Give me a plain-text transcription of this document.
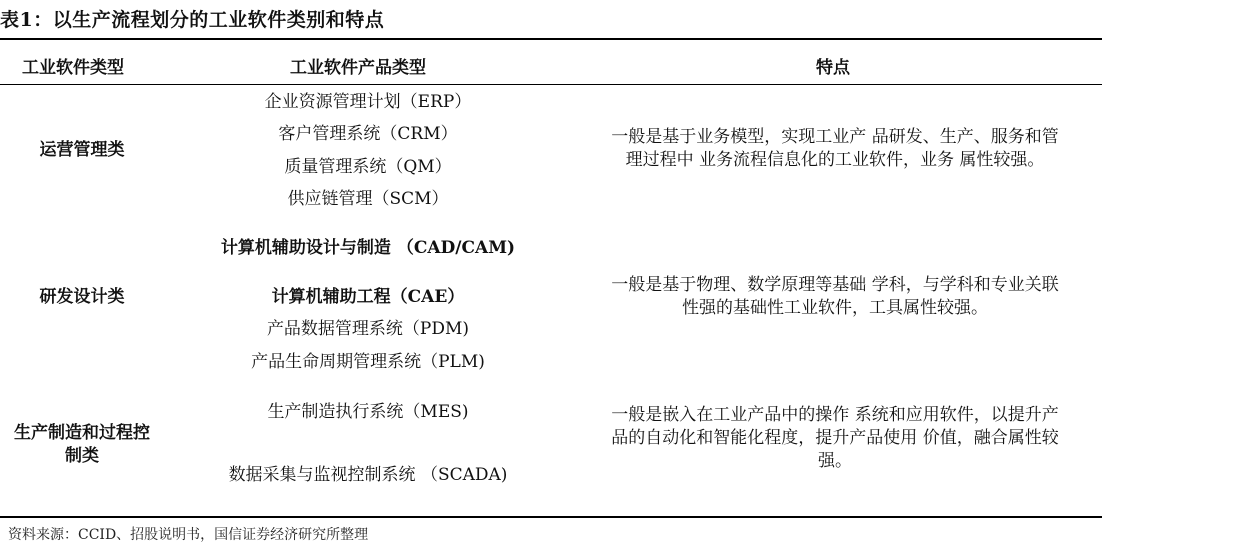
表1：以生产流程划分的工业软件类别和特点
工业软件类型	工业软件产品类型	特点
运营管理类
企业资源管理计划（ERP）
客户管理系统（CRM）
质量管理系统（QM）
供应链管理（SCM）
一般是基于业务模型，实现工业产 品研发、生产、服务和管
理过程中 业务流程信息化的工业软件，业务 属性较强。
研发设计类
计算机辅助设计与制造 （CAD/CAM)
计算机辅助工程（CAE）
产品数据管理系统（PDM)
产品生命周期管理系统（PLM)
一般是基于物理、数学原理等基础 学科，与学科和专业关联
性强的基础性工业软件，工具属性较强。
生产制造和过程控
制类
生产制造执行系统（MES)
数据采集与监视控制系统 （SCADA)
一般是嵌入在工业产品中的操作 系统和应用软件，以提升产
品的自动化和智能化程度，提升产品使用 价值，融合属性较
强。
资料来源：CCID、招股说明书，国信证券经济研究所整理
